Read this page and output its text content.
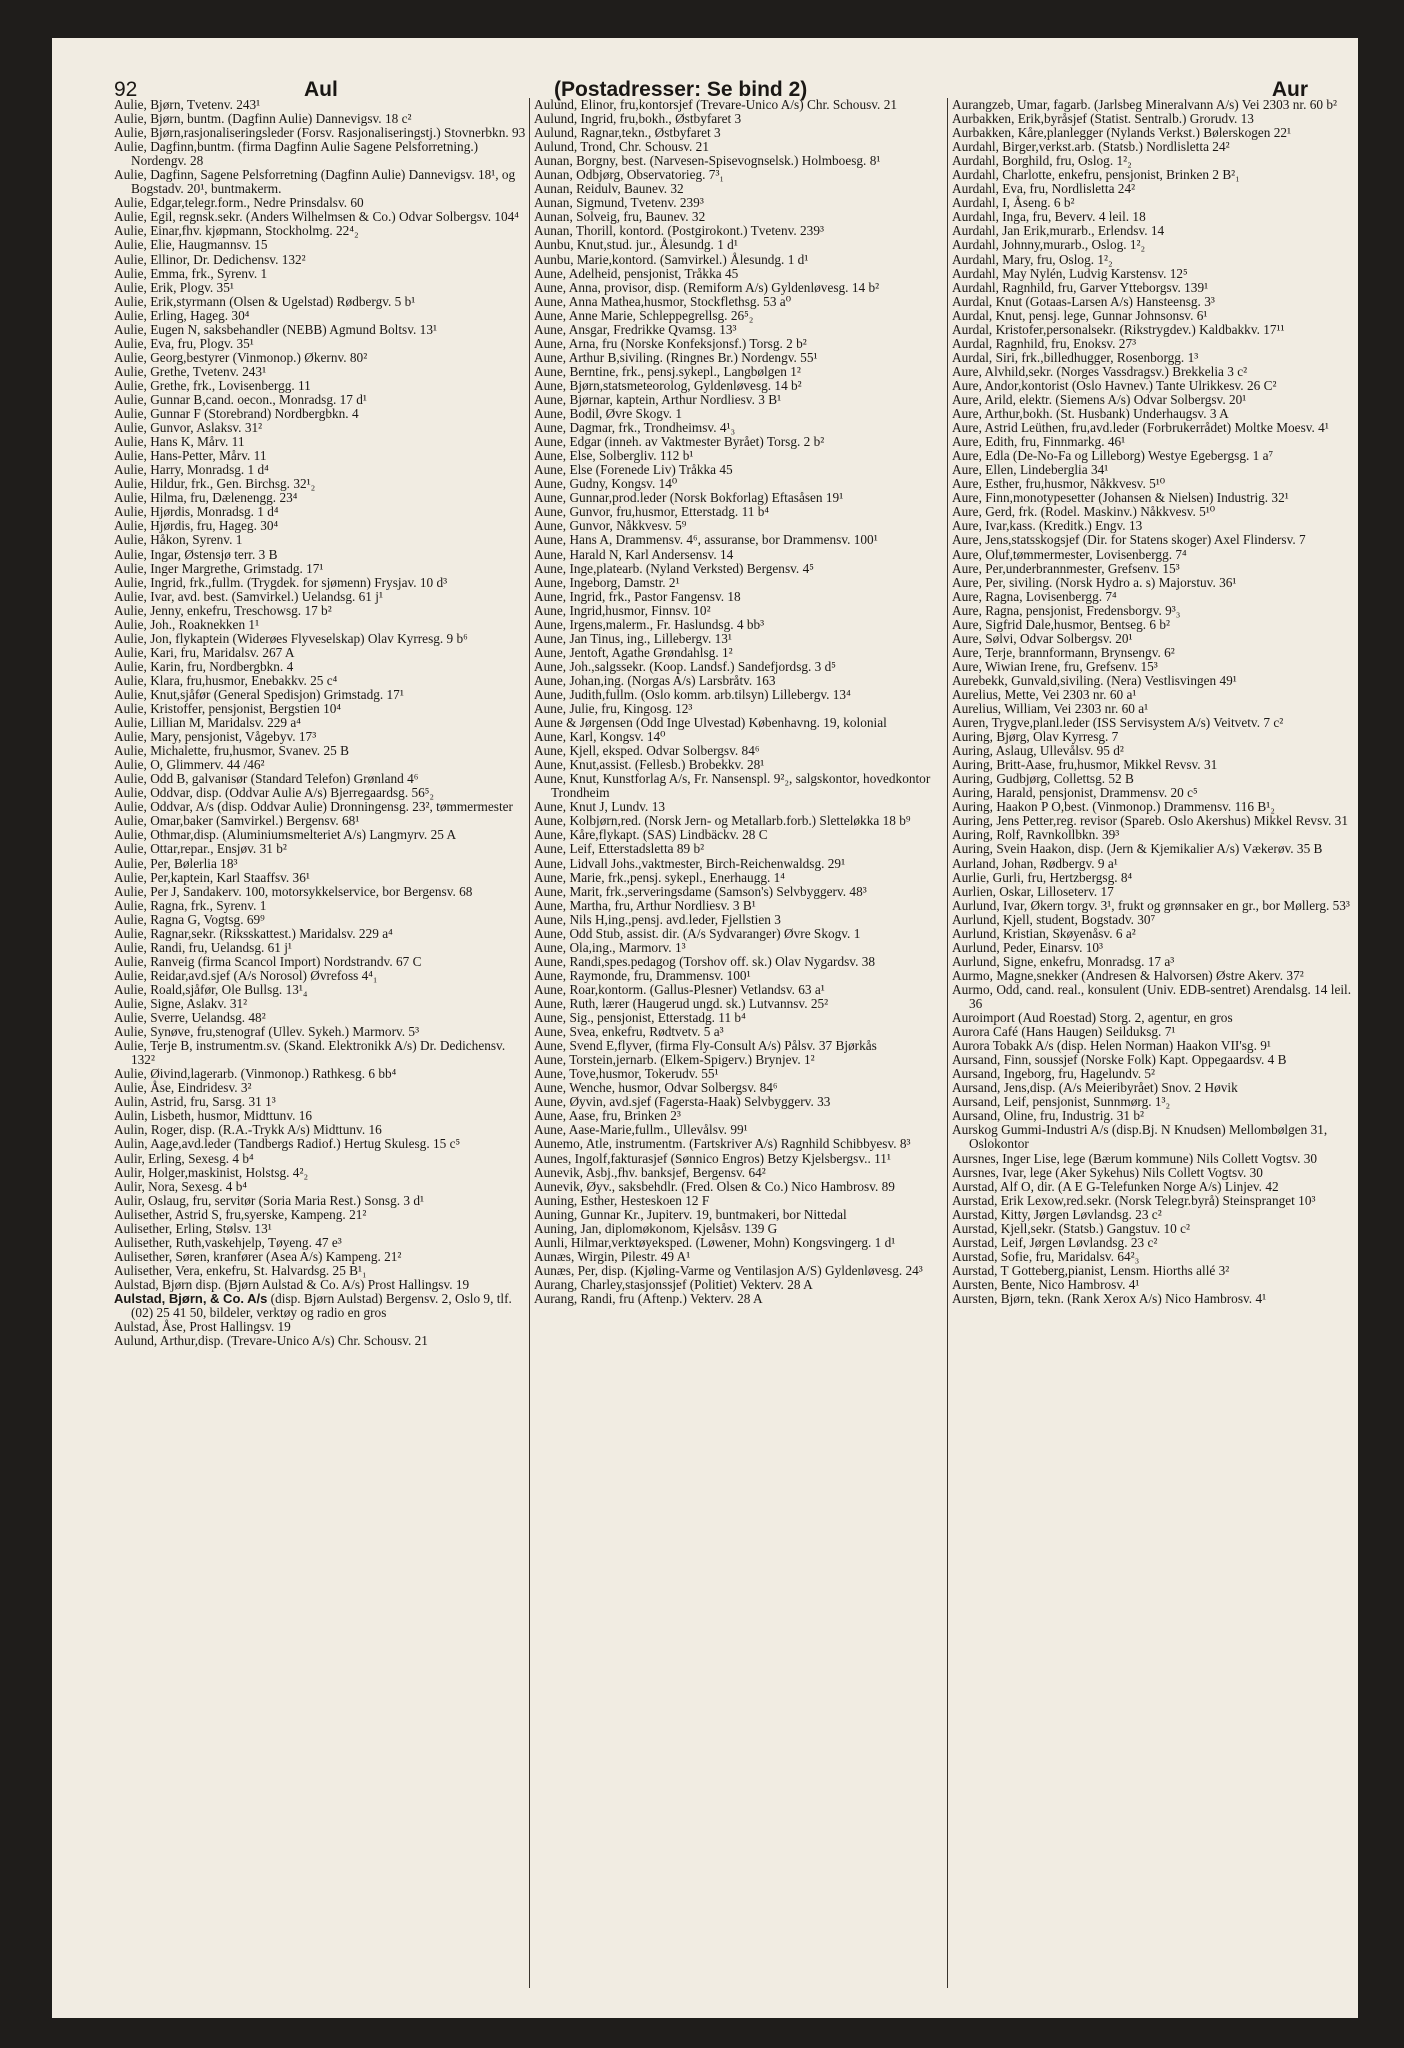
92	Aul	(Postadresser: Se bind 2)	Aur

Aulie, Bjørn, Tvetenv. 243¹

Aulie, Bjørn, buntm. (Dagfinn Aulie) Dannevigsv. 18 c²

Aulie, Bjørn,rasjonaliseringsleder (Forsv. Rasjonaliseringstj.) Stovnerbkn. 93

Aulie, Dagfinn,buntm. (firma Dagfinn Aulie Sagene Pelsforretning.) Nordengv. 28

Aulie, Dagfinn, Sagene Pelsforretning (Dagfinn Aulie) Dannevigsv. 18¹, og Bogstadv. 20¹, buntmakerm.

Aulie, Edgar,telegr.form., Nedre Prinsdalsv. 60

Aulie, Egil, regnsk.sekr. (Anders Wilhelmsen & Co.) Odvar Solbergsv. 104⁴

Aulie, Einar,fhv. kjøpmann, Stockholmg. 22⁴₂

Aulie, Elie, Haugmannsv. 15

Aulie, Ellinor, Dr. Dedichensv. 132²

Aulie, Emma, frk., Syrenv. 1

Aulie, Erik, Plogv. 35¹

Aulie, Erik,styrmann (Olsen & Ugelstad) Rødbergv. 5 b¹

Aulie, Erling, Hageg. 30⁴

Aulie, Eugen N, saksbehandler (NEBB) Agmund Boltsv. 13¹

Aulie, Eva, fru, Plogv. 35¹

Aulie, Georg,bestyrer (Vinmonop.) Økernv. 80²

Aulie, Grethe, Tvetenv. 243¹

Aulie, Grethe, frk., Lovisenbergg. 11

Aulie, Gunnar B,cand. oecon., Monradsg. 17 d¹

Aulie, Gunnar F (Storebrand) Nordbergbkn. 4

Aulie, Gunvor, Aslaksv. 31²

Aulie, Hans K, Mårv. 11

Aulie, Hans-Petter, Mårv. 11

Aulie, Harry, Monradsg. 1 d⁴

Aulie, Hildur, frk., Gen. Birchsg. 32¹₂

Aulie, Hilma, fru, Dælenengg. 23⁴

Aulie, Hjørdis, Monradsg. 1 d⁴

Aulie, Hjørdis, fru, Hageg. 30⁴

Aulie, Håkon, Syrenv. 1

Aulie, Ingar, Østensjø terr. 3 B

Aulie, Inger Margrethe, Grimstadg. 17¹

Aulie, Ingrid, frk.,fullm. (Trygdek. for sjømenn) Frysjav. 10 d³

Aulie, Ivar, avd. best. (Samvirkel.) Uelandsg. 61 j¹

Aulie, Jenny, enkefru, Treschowsg. 17 b²

Aulie, Joh., Roaknekken 1¹

Aulie, Jon, flykaptein (Widerøes Flyveselskap) Olav Kyrresg. 9 b⁶

Aulie, Kari, fru, Maridalsv. 267 A

Aulie, Karin, fru, Nordbergbkn. 4

Aulie, Klara, fru,husmor, Enebakkv. 25 c⁴

Aulie, Knut,sjåfør (General Spedisjon) Grimstadg. 17¹

Aulie, Kristoffer, pensjonist, Bergstien 10⁴

Aulie, Lillian M, Maridalsv. 229 a⁴

Aulie, Mary, pensjonist, Vågebyv. 17³

Aulie, Michalette, fru,husmor, Svanev. 25 B

Aulie, O, Glimmerv. 44 /46²

Aulie, Odd B, galvanisør (Standard Telefon) Grønland 4⁶

Aulie, Oddvar, disp. (Oddvar Aulie A/s) Bjerregaardsg. 56⁵₂

Aulie, Oddvar, A/s (disp. Oddvar Aulie) Dronningensg. 23², tømmermester

Aulie, Omar,baker (Samvirkel.) Bergensv. 68¹

Aulie, Othmar,disp. (Aluminiumsmelteriet A/s) Langmyrv. 25 A

Aulie, Ottar,repar., Ensjøv. 31 b²

Aulie, Per, Bølerlia 18³

Aulie, Per,kaptein, Karl Staaffsv. 36¹

Aulie, Per J, Sandakerv. 100, motorsykkelservice, bor Bergensv. 68

Aulie, Ragna, frk., Syrenv. 1

Aulie, Ragna G, Vogtsg. 69⁹

Aulie, Ragnar,sekr. (Riksskattest.) Maridalsv. 229 a⁴

Aulie, Randi, fru, Uelandsg. 61 j¹

Aulie, Ranveig (firma Scancol Import) Nordstrandv. 67 C

Aulie, Reidar,avd.sjef (A/s Norosol) Øvrefoss 4⁴₁

Aulie, Roald,sjåfør, Ole Bullsg. 13¹₄

Aulie, Signe, Aslakv. 31²

Aulie, Sverre, Uelandsg. 48²

Aulie, Synøve, fru,stenograf (Ullev. Sykeh.) Marmorv. 5³

Aulie, Terje B, instrumentm.sv. (Skand. Elektronikk A/s) Dr. Dedichensv. 132²

Aulie, Øivind,lagerarb. (Vinmonop.) Rathkesg. 6 bb⁴

Aulie, Åse, Eindridesv. 3²

Aulin, Astrid, fru, Sarsg. 31 1³

Aulin, Lisbeth, husmor, Midttunv. 16

Aulin, Roger, disp. (R.A.-Trykk A/s) Midttunv. 16

Aulin, Aage,avd.leder (Tandbergs Radiof.) Hertug Skulesg. 15 c⁵

Aulir, Erling, Sexesg. 4 b⁴

Aulir, Holger,maskinist, Holstsg. 4²₂

Aulir, Nora, Sexesg. 4 b⁴

Aulir, Oslaug, fru, servitør (Soria Maria Rest.) Sonsg. 3 d¹

Aulisether, Astrid S, fru,syerske, Kampeng. 21²

Aulisether, Erling, Stølsv. 13¹

Aulisether, Ruth,vaskehjelp, Tøyeng. 47 e³

Aulisether, Søren, kranfører (Asea A/s) Kampeng. 21²

Aulisether, Vera, enkefru, St. Halvardsg. 25 B¹₁

Aulstad, Bjørn disp. (Bjørn Aulstad & Co. A/s) Prost Hallingsv. 19

Aulstad, Bjørn, & Co. A/s (disp. Bjørn Aulstad) Bergensv. 2, Oslo 9, tlf. (02) 25 41 50, bildeler, verktøy og radio en gros

Aulstad, Åse, Prost Hallingsv. 19

Aulund, Arthur,disp. (Trevare-Unico A/s) Chr. Schousv. 21

Aulund, Elinor, fru,kontorsjef (Trevare-Unico A/s) Chr. Schousv. 21

Aulund, Ingrid, fru,bokh., Østbyfaret 3

Aulund, Ragnar,tekn., Østbyfaret 3

Aulund, Trond, Chr. Schousv. 21

Aunan, Borgny, best. (Narvesen-Spisevognselsk.) Holmboesg. 8¹

Aunan, Odbjørg, Observatorieg. 7³₁

Aunan, Reidulv, Baunev. 32

Aunan, Sigmund, Tvetenv. 239³

Aunan, Solveig, fru, Baunev. 32

Aunan, Thorill, kontord. (Postgirokont.) Tvetenv. 239³

Aunbu, Knut,stud. jur., Ålesundg. 1 d¹

Aunbu, Marie,kontord. (Samvirkel.) Ålesundg. 1 d¹

Aune, Adelheid, pensjonist, Tråkka 45

Aune, Anna, provisor, disp. (Remiform A/s) Gyldenløvesg. 14 b²

Aune, Anna Mathea,husmor, Stockflethsg. 53 a⁰

Aune, Anne Marie, Schleppegrellsg. 26⁵₂

Aune, Ansgar, Fredrikke Qvamsg. 13³

Aune, Arna, fru (Norske Konfeksjonsf.) Torsg. 2 b²

Aune, Arthur B,siviling. (Ringnes Br.) Nordengv. 55¹

Aune, Berntine, frk., pensj.sykepl., Langbølgen 1²

Aune, Bjørn,statsmeteorolog, Gyldenløvesg. 14 b²

Aune, Bjørnar, kaptein, Arthur Nordliesv. 3 B¹

Aune, Bodil, Øvre Skogv. 1

Aune, Dagmar, frk., Trondheimsv. 4¹₃

Aune, Edgar (inneh. av Vaktmester Byrået) Torsg. 2 b²

Aune, Else, Solbergliv. 112 b¹

Aune, Else (Forenede Liv) Tråkka 45

Aune, Gudny, Kongsv. 14⁰

Aune, Gunnar,prod.leder (Norsk Bokforlag) Eftasåsen 19¹

Aune, Gunvor, fru,husmor, Etterstadg. 11 b⁴

Aune, Gunvor, Nåkkvesv. 5⁹

Aune, Hans A, Drammensv. 4⁶, assuranse, bor Drammensv. 100¹

Aune, Harald N, Karl Andersensv. 14

Aune, Inge,platearb. (Nyland Verksted) Bergensv. 4⁵

Aune, Ingeborg, Damstr. 2¹

Aune, Ingrid, frk., Pastor Fangensv. 18

Aune, Ingrid,husmor, Finnsv. 10²

Aune, Irgens,malerm., Fr. Haslundsg. 4 bb³

Aune, Jan Tinus, ing., Lillebergv. 13¹

Aune, Jentoft, Agathe Grøndahlsg. 1²

Aune, Joh.,salgssekr. (Koop. Landsf.) Sandefjordsg. 3 d⁵

Aune, Johan,ing. (Norgas A/s) Larsbråtv. 163

Aune, Judith,fullm. (Oslo komm. arb.tilsyn) Lillebergv. 13⁴

Aune, Julie, fru, Kingosg. 12³

Aune & Jørgensen (Odd Inge Ulvestad) Københavng. 19, kolonial

Aune, Karl, Kongsv. 14⁰

Aune, Kjell, eksped. Odvar Solbergsv. 84⁶

Aune, Knut,assist. (Fellesb.) Brobekkv. 28¹

Aune, Knut, Kunstforlag A/s, Fr. Nansenspl. 9²₂, salgskontor, hovedkontor Trondheim

Aune, Knut J, Lundv. 13

Aune, Kolbjørn,red. (Norsk Jern- og Metallarb.forb.) Sletteløkka 18 b⁹

Aune, Kåre,flykapt. (SAS) Lindbäckv. 28 C

Aune, Leif, Etterstadsletta 89 b²

Aune, Lidvall Johs.,vaktmester, Birch-Reichenwaldsg. 29¹

Aune, Marie, frk.,pensj. sykepl., Enerhaugg. 1⁴

Aune, Marit, frk.,serveringsdame (Samson's) Selvbyggerv. 48³

Aune, Martha, fru, Arthur Nordliesv. 3 B¹

Aune, Nils H,ing.,pensj. avd.leder, Fjellstien 3

Aune, Odd Stub, assist. dir. (A/s Sydvaranger) Øvre Skogv. 1

Aune, Ola,ing., Marmorv. 1³

Aune, Randi,spes.pedagog (Torshov off. sk.) Olav Nygardsv. 38

Aune, Raymonde, fru, Drammensv. 100¹

Aune, Roar,kontorm. (Gallus-Plesner) Vetlandsv. 63 a¹

Aune, Ruth, lærer (Haugerud ungd. sk.) Lutvannsv. 25²

Aune, Sig., pensjonist, Etterstadg. 11 b⁴

Aune, Svea, enkefru, Rødtvetv. 5 a³

Aune, Svend E,flyver, (firma Fly-Consult A/s) Pålsv. 37 Bjørkås

Aune, Torstein,jernarb. (Elkem-Spigerv.) Brynjev. 1²

Aune, Tove,husmor, Tokerudv. 55¹

Aune, Wenche, husmor, Odvar Solbergsv. 84⁶

Aune, Øyvin, avd.sjef (Fagersta-Haak) Selvbyggerv. 33

Aune, Aase, fru, Brinken 2³

Aune, Aase-Marie,fullm., Ullevålsv. 99¹

Aunemo, Atle, instrumentm. (Fartskriver A/s) Ragnhild Schibbyesv. 8³

Aunes, Ingolf,fakturasjef (Sønnico Engros) Betzy Kjelsbergsv.. 11¹

Aunevik, Asbj.,fhv. banksjef, Bergensv. 64²

Aunevik, Øyv., saksbehdlr. (Fred. Olsen & Co.) Nico Hambrosv. 89

Auning, Esther, Hesteskoen 12 F

Auning, Gunnar Kr., Jupiterv. 19, buntmakeri, bor Nittedal

Auning, Jan, diplomøkonom, Kjelsåsv. 139 G

Aunli, Hilmar,verktøyeksped. (Løwener, Mohn) Kongsvingerg. 1 d¹

Aunæs, Wirgin, Pilestr. 49 A¹

Aunæs, Per, disp. (Kjøling-Varme og Ventilasjon A/S) Gyldenløvesg. 24³

Aurang, Charley,stasjonssjef (Politiet) Vekterv. 28 A

Aurang, Randi, fru (Aftenp.) Vekterv. 28 A

Aurangzeb, Umar, fagarb. (Jarlsbeg Mineralvann A/s) Vei 2303 nr. 60 b²

Aurbakken, Erik,byråsjef (Statist. Sentralb.) Grorudv. 13

Aurbakken, Kåre,planlegger (Nylands Verkst.) Bølerskogen 22¹

Aurdahl, Birger,verkst.arb. (Statsb.) Nordlisletta 24²

Aurdahl, Borghild, fru, Oslog. 1²₂

Aurdahl, Charlotte, enkefru, pensjonist, Brinken 2 B²₁

Aurdahl, Eva, fru, Nordlisletta 24²

Aurdahl, I, Åseng. 6 b²

Aurdahl, Inga, fru, Beverv. 4 leil. 18

Aurdahl, Jan Erik,murarb., Erlendsv. 14

Aurdahl, Johnny,murarb., Oslog. 1²₂

Aurdahl, Mary, fru, Oslog. 1²₂

Aurdahl, May Nylén, Ludvig Karstensv. 12⁵

Aurdahl, Ragnhild, fru, Garver Ytteborgsv. 139¹

Aurdal, Knut (Gotaas-Larsen A/s) Hansteensg. 3³

Aurdal, Knut, pensj. lege, Gunnar Johnsonsv. 6¹

Aurdal, Kristofer,personalsekr. (Rikstrygdev.) Kaldbakkv. 17¹¹

Aurdal, Ragnhild, fru, Enoksv. 27³

Aurdal, Siri, frk.,billedhugger, Rosenborgg. 1³

Aure, Alvhild,sekr. (Norges Vassdragsv.) Brekkelia 3 c²

Aure, Andor,kontorist (Oslo Havnev.) Tante Ulrikkesv. 26 C²

Aure, Arild, elektr. (Siemens A/s) Odvar Solbergsv. 20¹

Aure, Arthur,bokh. (St. Husbank) Underhaugsv. 3 A

Aure, Astrid Leüthen, fru,avd.leder (Forbrukerrådet) Moltke Moesv. 4¹

Aure, Edith, fru, Finnmarkg. 46¹

Aure, Edla (De-No-Fa og Lilleborg) Westye Egebergsg. 1 a⁷

Aure, Ellen, Lindeberglia 34¹

Aure, Esther, fru,husmor, Nåkkvesv. 5¹⁰

Aure, Finn,monotypesetter (Johansen & Nielsen) Industrig. 32¹

Aure, Gerd, frk. (Rodel. Maskinv.) Nåkkvesv. 5¹⁰

Aure, Ivar,kass. (Kreditk.) Engv. 13

Aure, Jens,statsskogsjef (Dir. for Statens skoger) Axel Flindersv. 7

Aure, Oluf,tømmermester, Lovisenbergg. 7⁴

Aure, Per,underbrannmester, Grefsenv. 15³

Aure, Per, siviling. (Norsk Hydro a. s) Majorstuv. 36¹

Aure, Ragna, Lovisenbergg. 7⁴

Aure, Ragna, pensjonist, Fredensborgv. 9³₃

Aure, Sigfrid Dale,husmor, Bentseg. 6 b²

Aure, Sølvi, Odvar Solbergsv. 20¹

Aure, Terje, brannformann, Brynsengv. 6²

Aure, Wiwian Irene, fru, Grefsenv. 15³

Aurebekk, Gunvald,siviling. (Nera) Vestlisvingen 49¹

Aurelius, Mette, Vei 2303 nr. 60 a¹

Aurelius, William, Vei 2303 nr. 60 a¹

Auren, Trygve,planl.leder (ISS Servisystem A/s) Veitvetv. 7 c²

Auring, Bjørg, Olav Kyrresg. 7

Auring, Aslaug, Ullevålsv. 95 d²

Auring, Britt-Aase, fru,husmor, Mikkel Revsv. 31

Auring, Gudbjørg, Collettsg. 52 B

Auring, Harald, pensjonist, Drammensv. 20 c⁵

Auring, Haakon P O,best. (Vinmonop.) Drammensv. 116 B¹₂

Auring, Jens Petter,reg. revisor (Spareb. Oslo Akershus) Mikkel Revsv. 31

Auring, Rolf, Ravnkollbkn. 39³

Auring, Svein Haakon, disp. (Jern & Kjemikalier A/s) Vækerøv. 35 B

Aurland, Johan, Rødbergv. 9 a¹

Aurlie, Gurli, fru, Hertzbergsg. 8⁴

Aurlien, Oskar, Lilloseterv. 17

Aurlund, Ivar, Økern torgv. 3¹, frukt og grønnsaker en gr., bor Møllerg. 53³

Aurlund, Kjell, student, Bogstadv. 30⁷

Aurlund, Kristian, Skøyenåsv. 6 a²

Aurlund, Peder, Einarsv. 10³

Aurlund, Signe, enkefru, Monradsg. 17 a³

Aurmo, Magne,snekker (Andresen & Halvorsen) Østre Akerv. 37²

Aurmo, Odd, cand. real., konsulent (Univ. EDB-sentret) Arendalsg. 14 leil. 36

Auroimport (Aud Roestad) Storg. 2, agentur, en gros

Aurora Café (Hans Haugen) Seilduksg. 7¹

Aurora Tobakk A/s (disp. Helen Norman) Haakon VII'sg. 9¹

Aursand, Finn, soussjef (Norske Folk) Kapt. Oppegaardsv. 4 B

Aursand, Ingeborg, fru, Hagelundv. 5²

Aursand, Jens,disp. (A/s Meieribyrået) Snov. 2 Høvik

Aursand, Leif, pensjonist, Sunnmørg. 1³₂

Aursand, Oline, fru, Industrig. 31 b²

Aurskog Gummi-Industri A/s (disp.Bj. N Knudsen) Mellombølgen 31, Oslokontor

Aursnes, Inger Lise, lege (Bærum kommune) Nils Collett Vogtsv. 30

Aursnes, Ivar, lege (Aker Sykehus) Nils Collett Vogtsv. 30

Aurstad, Alf O, dir. (A E G-Telefunken Norge A/s) Linjev. 42

Aurstad, Erik Lexow,red.sekr. (Norsk Telegr.byrå) Steinspranget 10³

Aurstad, Kitty, Jørgen Løvlandsg. 23 c²

Aurstad, Kjell,sekr. (Statsb.) Gangstuv. 10 c²

Aurstad, Leif, Jørgen Løvlandsg. 23 c²

Aurstad, Sofie, fru, Maridalsv. 64²₃

Aurstad, T Gotteberg,pianist, Lensm. Hiorths allé 3²

Aursten, Bente, Nico Hambrosv. 4¹

Aursten, Bjørn, tekn. (Rank Xerox A/s) Nico Hambrosv. 4¹
